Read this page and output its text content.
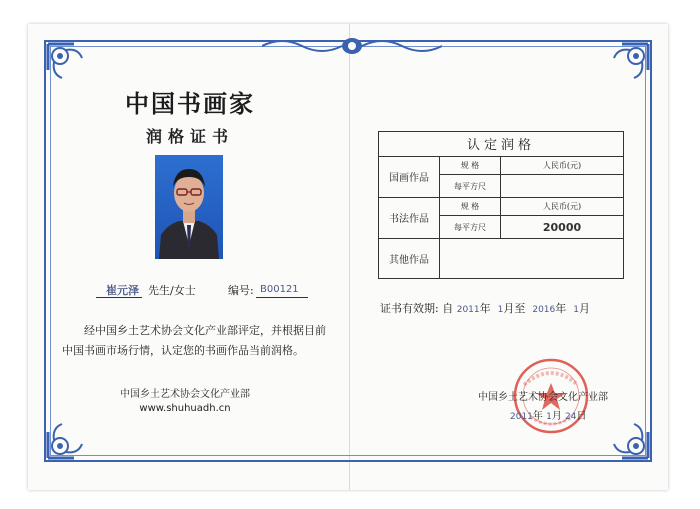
中国书画家
润格证书
崔元泽 先生/女士	编号: B00121
经中国乡土艺术协会文化产业部评定，并根据目前
中国书画市场行情，认定您的书画作品当前润格。
中国乡土艺术协会文化产业部
www.shuhuadh.cn
认定润格		
国画作品	规 格	人民币(元)
	每平方尺	
书法作品	规 格	人民币(元)
	每平方尺	20000
其他作品		
证书有效期: 自 2011年 1月至 2016年 1月
中国乡土艺术协会文化产业部
2011年 1月 24日
